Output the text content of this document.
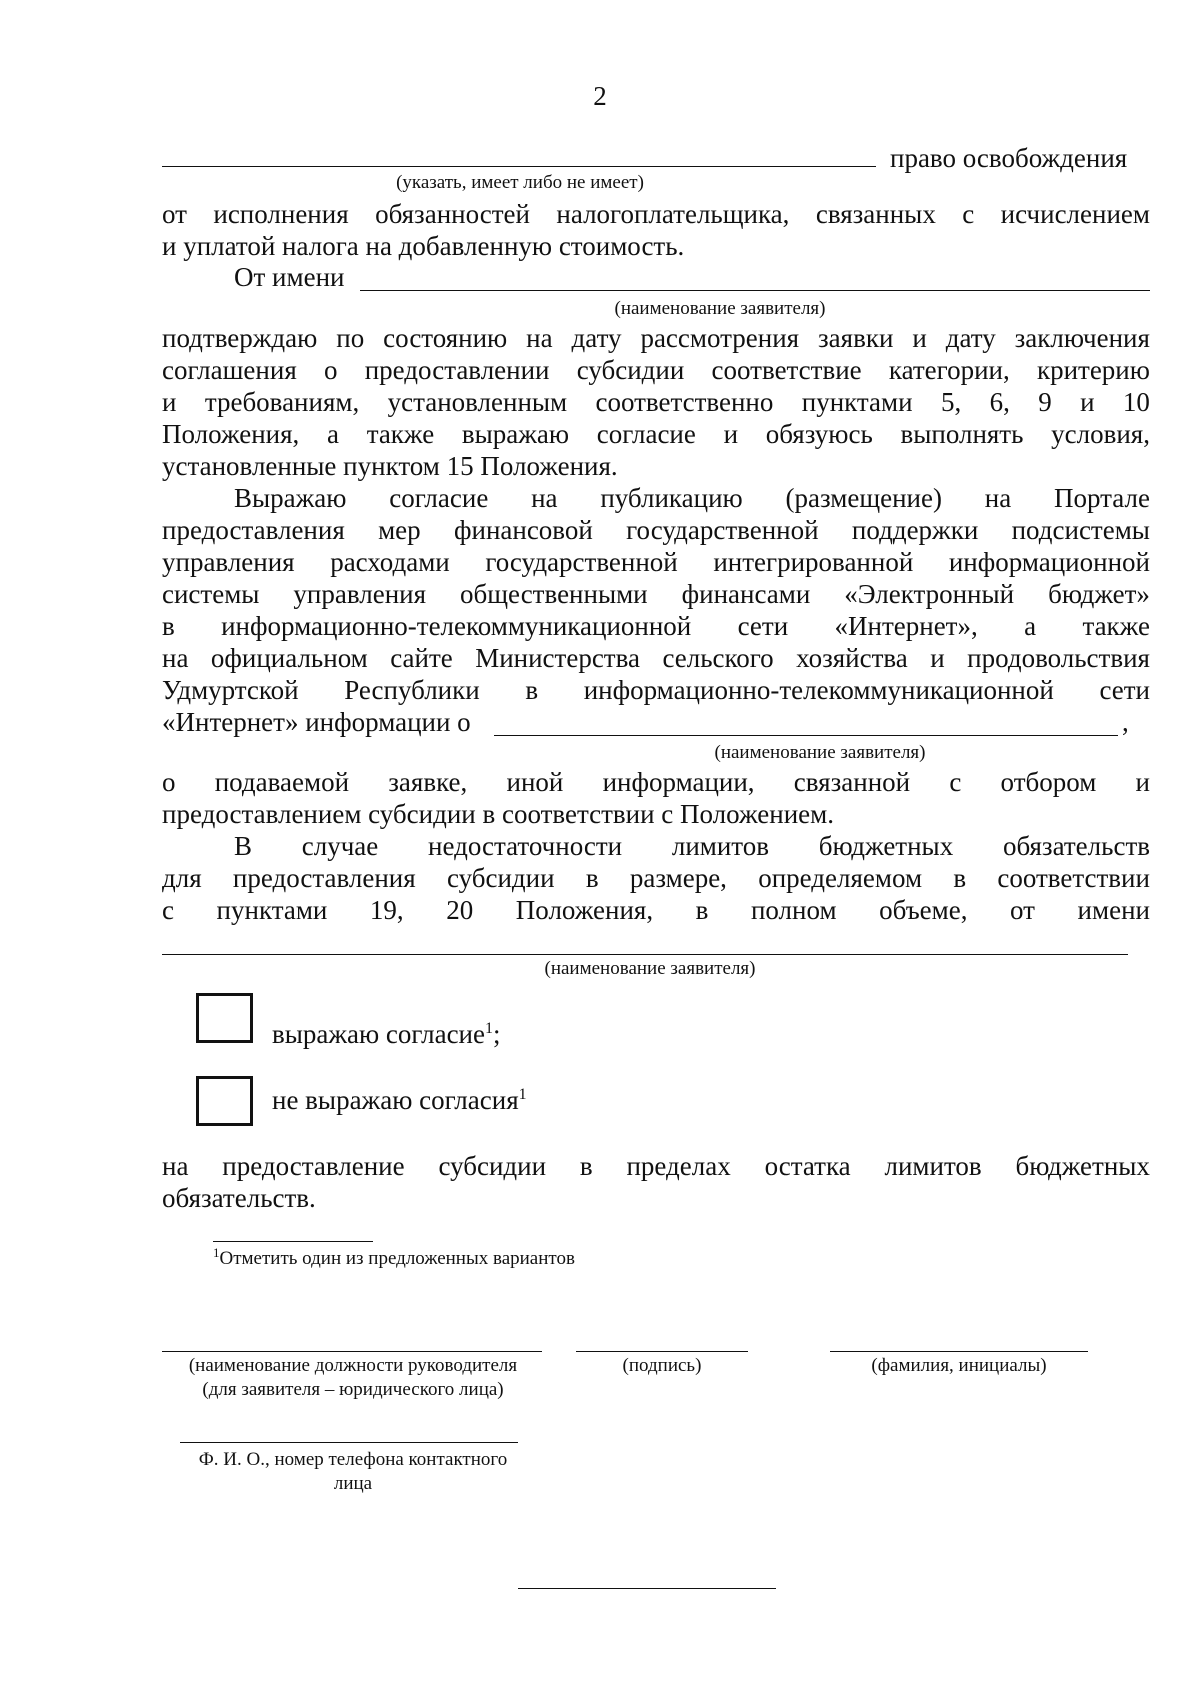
2
право освобождения
(указать, имеет либо не имеет)
от исполнения обязанностей налогоплательщика, связанных с исчислением
и уплатой налога на добавленную стоимость.
От имени
(наименование заявителя)
подтверждаю по состоянию на дату рассмотрения заявки и дату заключения
соглашения о предоставлении субсидии соответствие категории, критерию
и требованиям, установленным соответственно пунктами 5, 6, 9 и 10
Положения, а также выражаю согласие и обязуюсь выполнять условия,
установленные пунктом 15 Положения.
Выражаю согласие на публикацию (размещение) на Портале
предоставления мер финансовой государственной поддержки подсистемы
управления расходами государственной интегрированной информационной
системы управления общественными финансами «Электронный бюджет»
в информационно-телекоммуникационной сети «Интернет», а также
на официальном сайте Министерства сельского хозяйства и продовольствия
Удмуртской Республики в информационно-телекоммуникационной сети
«Интернет» информации о	,
(наименование заявителя)
о подаваемой заявке, иной информации, связанной с отбором и
предоставлением субсидии в соответствии с Положением.
В случае недостаточности лимитов бюджетных обязательств
для предоставления субсидии в размере, определяемом в соответствии
с пунктами 19, 20 Положения, в полном объеме, от имени
(наименование заявителя)
выражаю согласие$^1$;
не выражаю согласия$^1$
на предоставление субсидии в пределах остатка лимитов бюджетных
обязательств.
$^1$Отметить один из предложенных вариантов
(наименование должности руководителя
(для заявителя – юридического лица)
(подпись)	(фамилия, инициалы)
Ф. И. О., номер телефона контактного
лица
